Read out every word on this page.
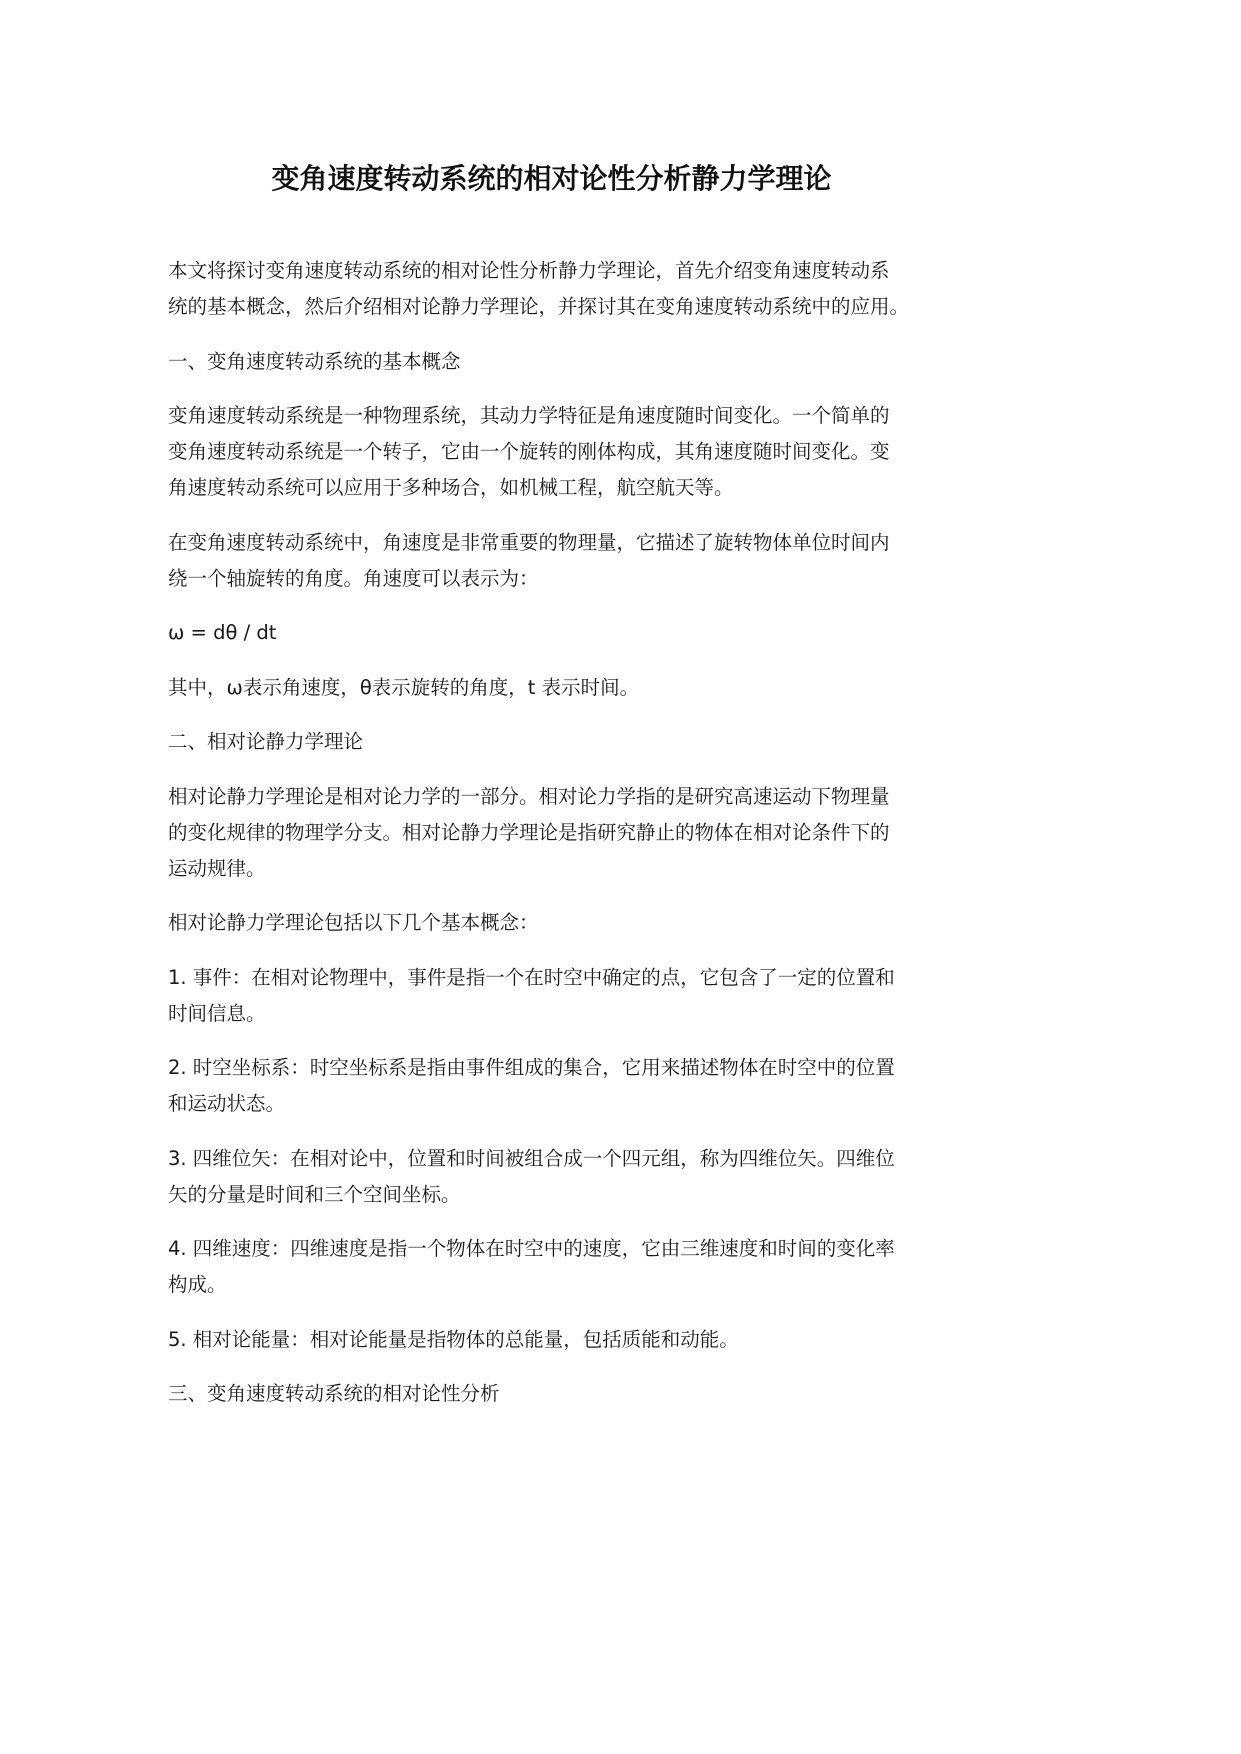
变角速度转动系统的相对论性分析静力学理论

本文将探讨变角速度转动系统的相对论性分析静力学理论，首先介绍变角速度转动系
统的基本概念，然后介绍相对论静力学理论，并探讨其在变角速度转动系统中的应用。

一、变角速度转动系统的基本概念

变角速度转动系统是一种物理系统，其动力学特征是角速度随时间变化。一个简单的
变角速度转动系统是一个转子，它由一个旋转的刚体构成，其角速度随时间变化。变
角速度转动系统可以应用于多种场合，如机械工程，航空航天等。

在变角速度转动系统中，角速度是非常重要的物理量，它描述了旋转物体单位时间内
绕一个轴旋转的角度。角速度可以表示为：

ω = dθ / dt

其中，ω表示角速度，θ表示旋转的角度，t 表示时间。

二、相对论静力学理论

相对论静力学理论是相对论力学的一部分。相对论力学指的是研究高速运动下物理量
的变化规律的物理学分支。相对论静力学理论是指研究静止的物体在相对论条件下的
运动规律。

相对论静力学理论包括以下几个基本概念：

1. 事件：在相对论物理中，事件是指一个在时空中确定的点，它包含了一定的位置和
时间信息。

2. 时空坐标系：时空坐标系是指由事件组成的集合，它用来描述物体在时空中的位置
和运动状态。

3. 四维位矢：在相对论中，位置和时间被组合成一个四元组，称为四维位矢。四维位
矢的分量是时间和三个空间坐标。

4. 四维速度：四维速度是指一个物体在时空中的速度，它由三维速度和时间的变化率
构成。

5. 相对论能量：相对论能量是指物体的总能量，包括质能和动能。

三、变角速度转动系统的相对论性分析
